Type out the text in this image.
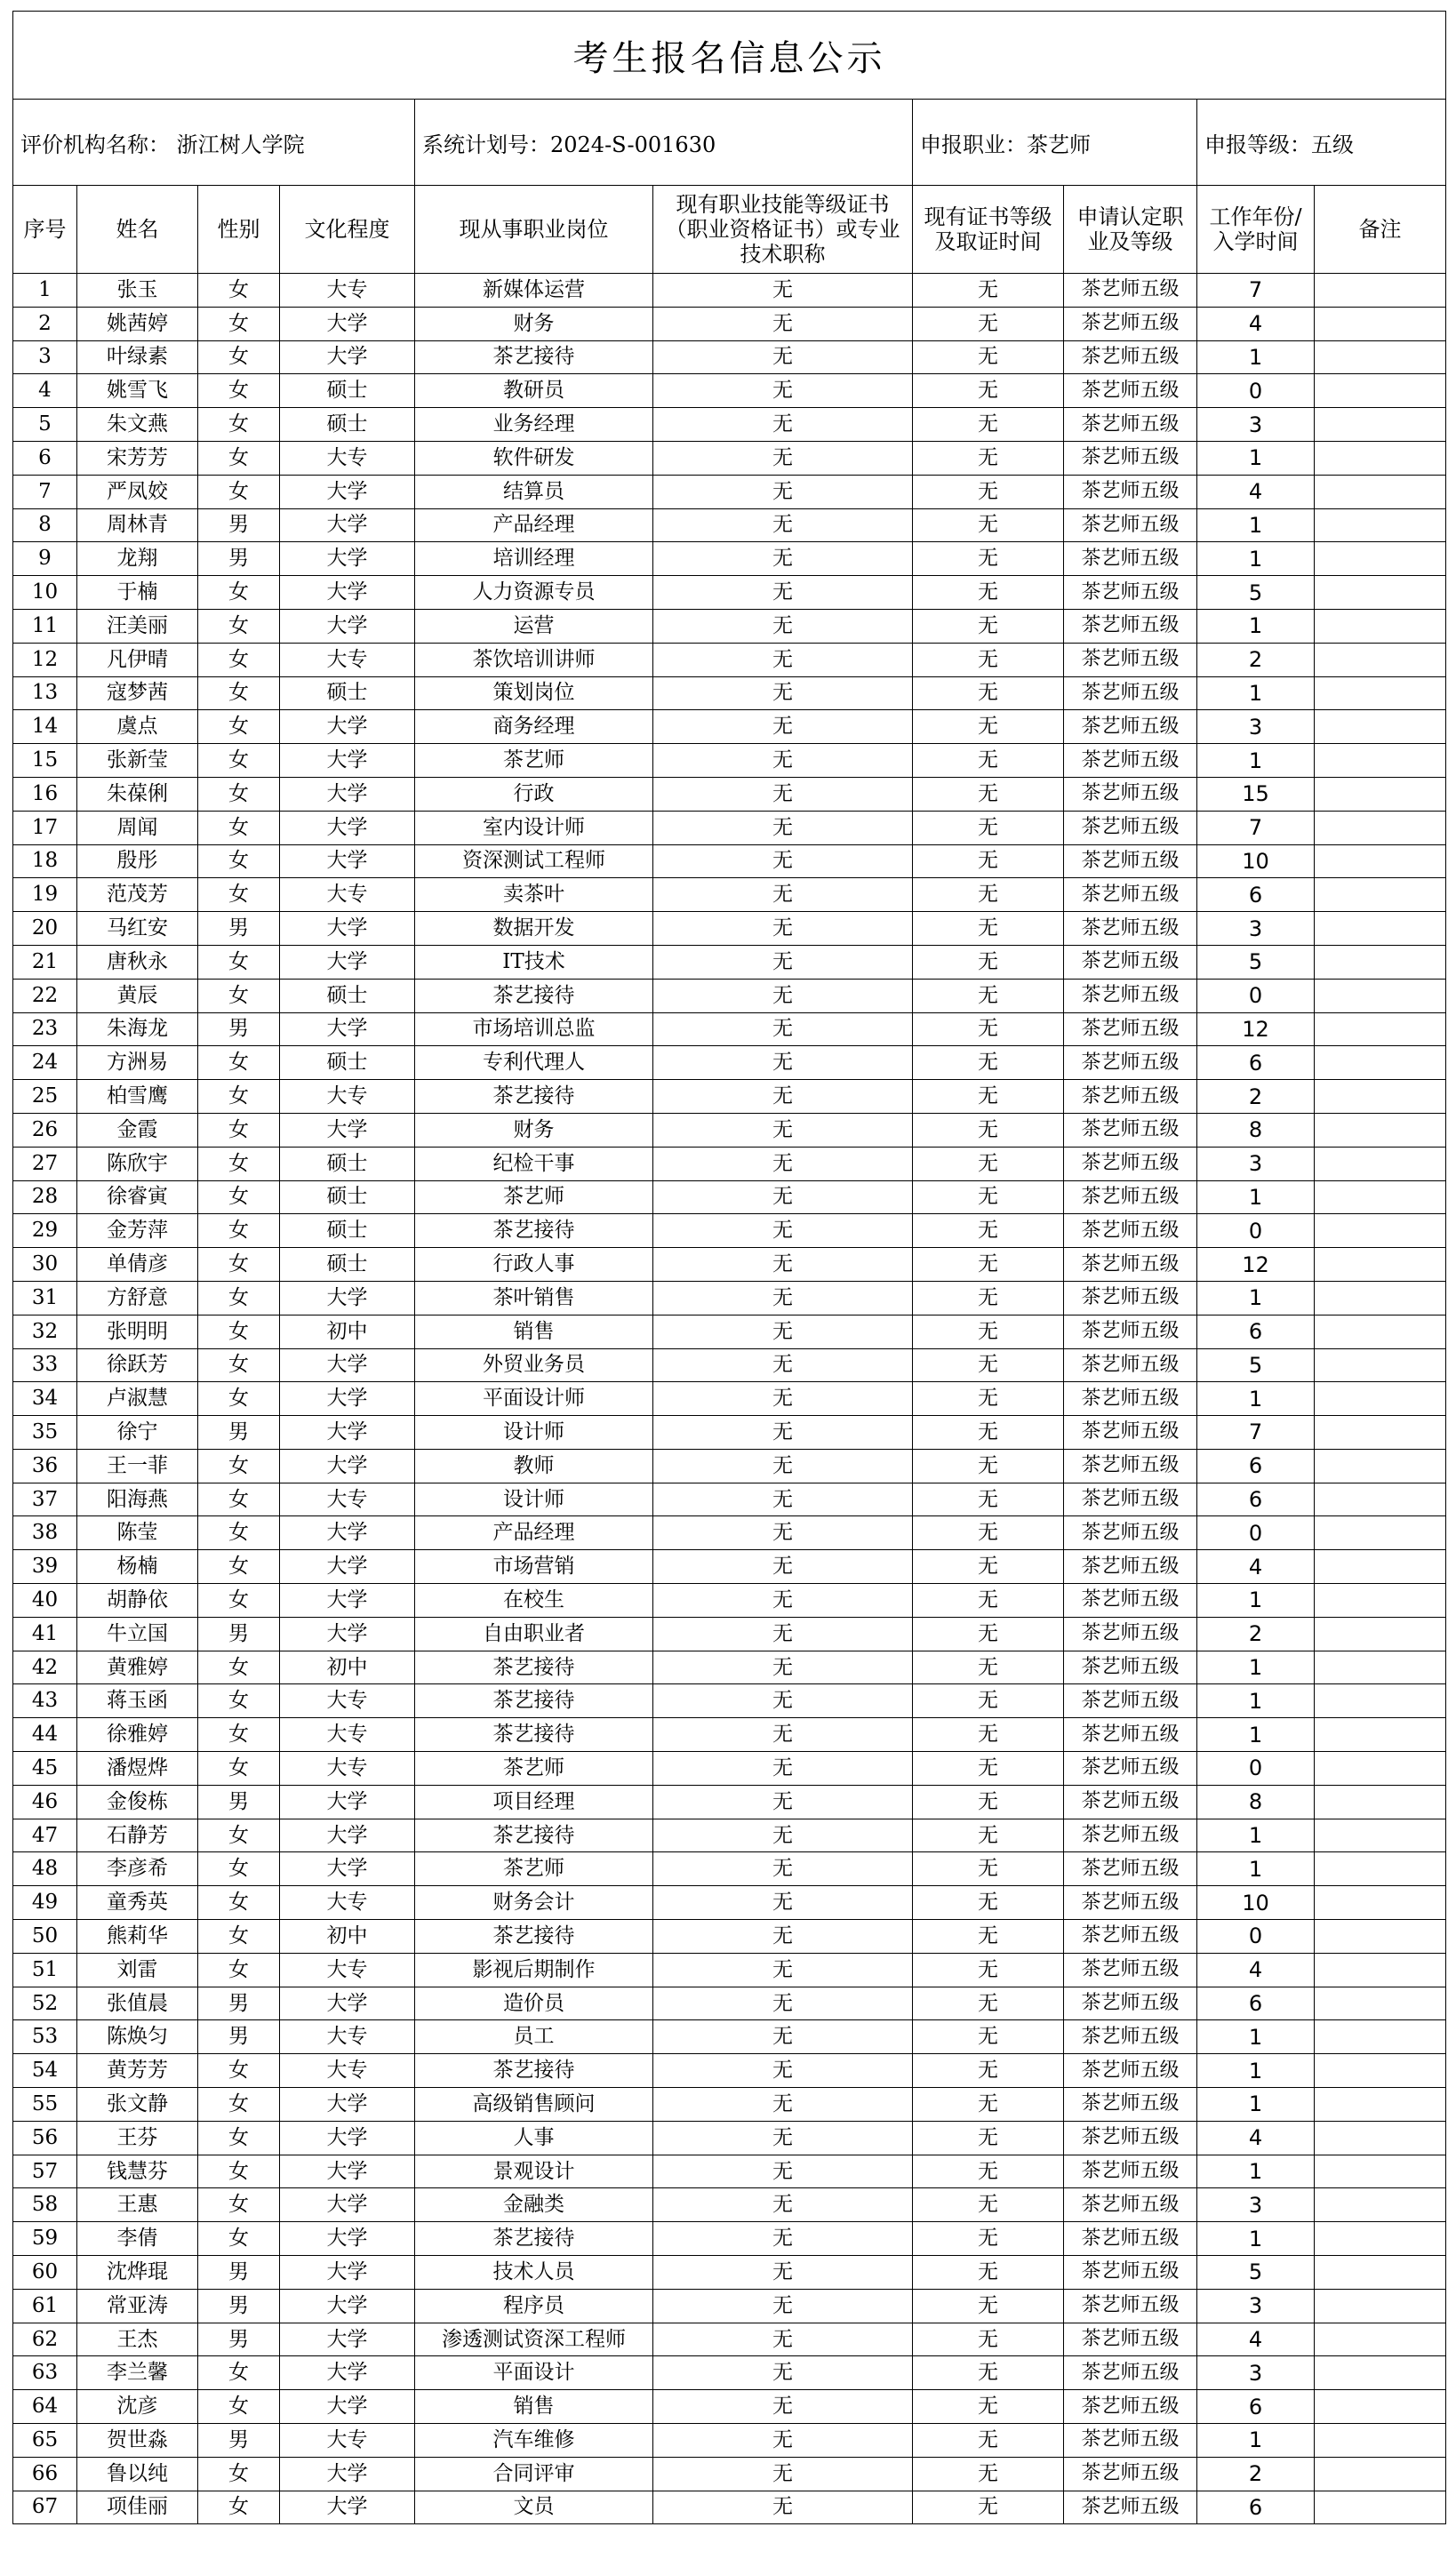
考生报名信息公示									
评价机构名称： 浙江树人学院				系统计划号：2024-S-001630		申报职业：茶艺师		申报等级：五级	
序号	姓名	性别	文化程度	现从事职业岗位	现有职业技能等级证书（职业资格证书）或专业技术职称	现有证书等级及取证时间	申请认定职业及等级	工作年份/入学时间	备注
1	张玉	女	大专	新媒体运营	无	无	茶艺师五级	7	
2	姚茜婷	女	大学	财务	无	无	茶艺师五级	4	
3	叶绿素	女	大学	茶艺接待	无	无	茶艺师五级	1	
4	姚雪飞	女	硕士	教研员	无	无	茶艺师五级	0	
5	朱文燕	女	硕士	业务经理	无	无	茶艺师五级	3	
6	宋芳芳	女	大专	软件研发	无	无	茶艺师五级	1	
7	严凤姣	女	大学	结算员	无	无	茶艺师五级	4	
8	周林青	男	大学	产品经理	无	无	茶艺师五级	1	
9	龙翔	男	大学	培训经理	无	无	茶艺师五级	1	
10	于楠	女	大学	人力资源专员	无	无	茶艺师五级	5	
11	汪美丽	女	大学	运营	无	无	茶艺师五级	1	
12	凡伊晴	女	大专	茶饮培训讲师	无	无	茶艺师五级	2	
13	寇梦茜	女	硕士	策划岗位	无	无	茶艺师五级	1	
14	虞点	女	大学	商务经理	无	无	茶艺师五级	3	
15	张新莹	女	大学	茶艺师	无	无	茶艺师五级	1	
16	朱葆俐	女	大学	行政	无	无	茶艺师五级	15	
17	周闻	女	大学	室内设计师	无	无	茶艺师五级	7	
18	殷彤	女	大学	资深测试工程师	无	无	茶艺师五级	10	
19	范茂芳	女	大专	卖茶叶	无	无	茶艺师五级	6	
20	马红安	男	大学	数据开发	无	无	茶艺师五级	3	
21	唐秋永	女	大学	IT技术	无	无	茶艺师五级	5	
22	黄辰	女	硕士	茶艺接待	无	无	茶艺师五级	0	
23	朱海龙	男	大学	市场培训总监	无	无	茶艺师五级	12	
24	方洲易	女	硕士	专利代理人	无	无	茶艺师五级	6	
25	柏雪鹰	女	大专	茶艺接待	无	无	茶艺师五级	2	
26	金霞	女	大学	财务	无	无	茶艺师五级	8	
27	陈欣宇	女	硕士	纪检干事	无	无	茶艺师五级	3	
28	徐睿寅	女	硕士	茶艺师	无	无	茶艺师五级	1	
29	金芳萍	女	硕士	茶艺接待	无	无	茶艺师五级	0	
30	单倩彦	女	硕士	行政人事	无	无	茶艺师五级	12	
31	方舒意	女	大学	茶叶销售	无	无	茶艺师五级	1	
32	张明明	女	初中	销售	无	无	茶艺师五级	6	
33	徐跃芳	女	大学	外贸业务员	无	无	茶艺师五级	5	
34	卢淑慧	女	大学	平面设计师	无	无	茶艺师五级	1	
35	徐宁	男	大学	设计师	无	无	茶艺师五级	7	
36	王一菲	女	大学	教师	无	无	茶艺师五级	6	
37	阳海燕	女	大专	设计师	无	无	茶艺师五级	6	
38	陈莹	女	大学	产品经理	无	无	茶艺师五级	0	
39	杨楠	女	大学	市场营销	无	无	茶艺师五级	4	
40	胡静依	女	大学	在校生	无	无	茶艺师五级	1	
41	牛立国	男	大学	自由职业者	无	无	茶艺师五级	2	
42	黄雅婷	女	初中	茶艺接待	无	无	茶艺师五级	1	
43	蒋玉函	女	大专	茶艺接待	无	无	茶艺师五级	1	
44	徐雅婷	女	大专	茶艺接待	无	无	茶艺师五级	1	
45	潘煜烨	女	大专	茶艺师	无	无	茶艺师五级	0	
46	金俊栋	男	大学	项目经理	无	无	茶艺师五级	8	
47	石静芳	女	大学	茶艺接待	无	无	茶艺师五级	1	
48	李彦希	女	大学	茶艺师	无	无	茶艺师五级	1	
49	童秀英	女	大专	财务会计	无	无	茶艺师五级	10	
50	熊莉华	女	初中	茶艺接待	无	无	茶艺师五级	0	
51	刘雷	女	大专	影视后期制作	无	无	茶艺师五级	4	
52	张值晨	男	大学	造价员	无	无	茶艺师五级	6	
53	陈焕匀	男	大专	员工	无	无	茶艺师五级	1	
54	黄芳芳	女	大专	茶艺接待	无	无	茶艺师五级	1	
55	张文静	女	大学	高级销售顾问	无	无	茶艺师五级	1	
56	王芬	女	大学	人事	无	无	茶艺师五级	4	
57	钱慧芬	女	大学	景观设计	无	无	茶艺师五级	1	
58	王惠	女	大学	金融类	无	无	茶艺师五级	3	
59	李倩	女	大学	茶艺接待	无	无	茶艺师五级	1	
60	沈烨琨	男	大学	技术人员	无	无	茶艺师五级	5	
61	常亚涛	男	大学	程序员	无	无	茶艺师五级	3	
62	王杰	男	大学	渗透测试资深工程师	无	无	茶艺师五级	4	
63	李兰馨	女	大学	平面设计	无	无	茶艺师五级	3	
64	沈彦	女	大学	销售	无	无	茶艺师五级	6	
65	贺世淼	男	大专	汽车维修	无	无	茶艺师五级	1	
66	鲁以纯	女	大学	合同评审	无	无	茶艺师五级	2	
67	项佳丽	女	大学	文员	无	无	茶艺师五级	6	
